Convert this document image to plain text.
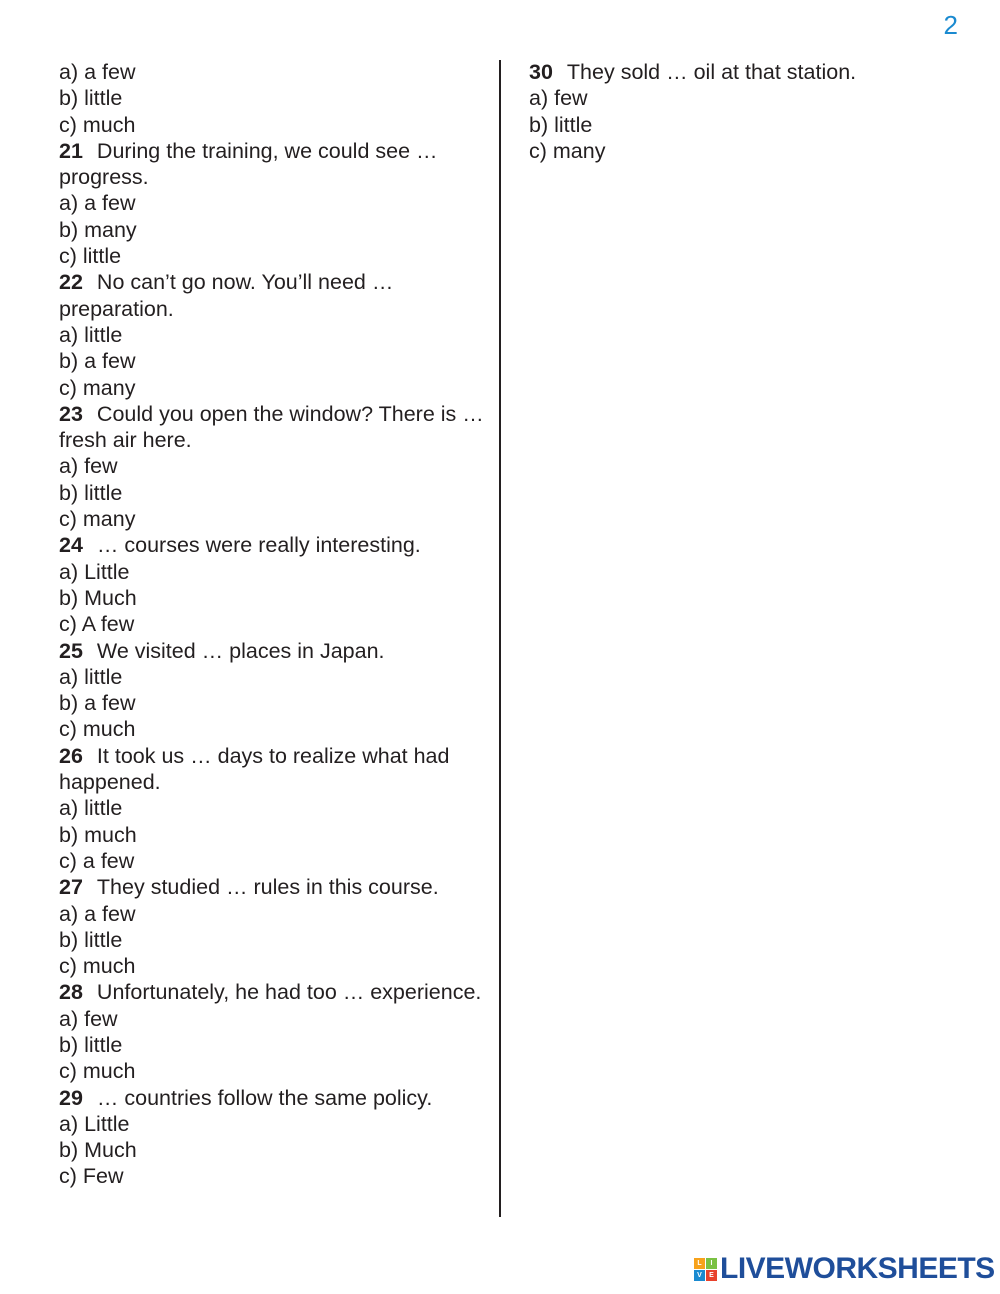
2
a) a few
b) little
c) much
21 During the training, we could see … progress.
a) a few
b) many
c) little
22 No can’t go now. You’ll need … preparation.
a) little
b) a few
c) many
23 Could you open the window? There is … fresh air here.
a) few
b) little
c) many
24 … courses were really interesting.
a) Little
b) Much
c) A few
25 We visited … places in Japan.
a) little
b) a few
c) much
26 It took us … days to realize what had happened.
a) little
b) much
c) a few
27 They studied … rules in this course.
a) a few
b) little
c) much
28 Unfortunately, he had too … experience.
a) few
b) little
c) much
29 … countries follow the same policy.
a) Little
b) Much
c) Few
30 They sold … oil at that station.
a) few
b) little
c) many
L	I
V	E LIVEWORKSHEETS
